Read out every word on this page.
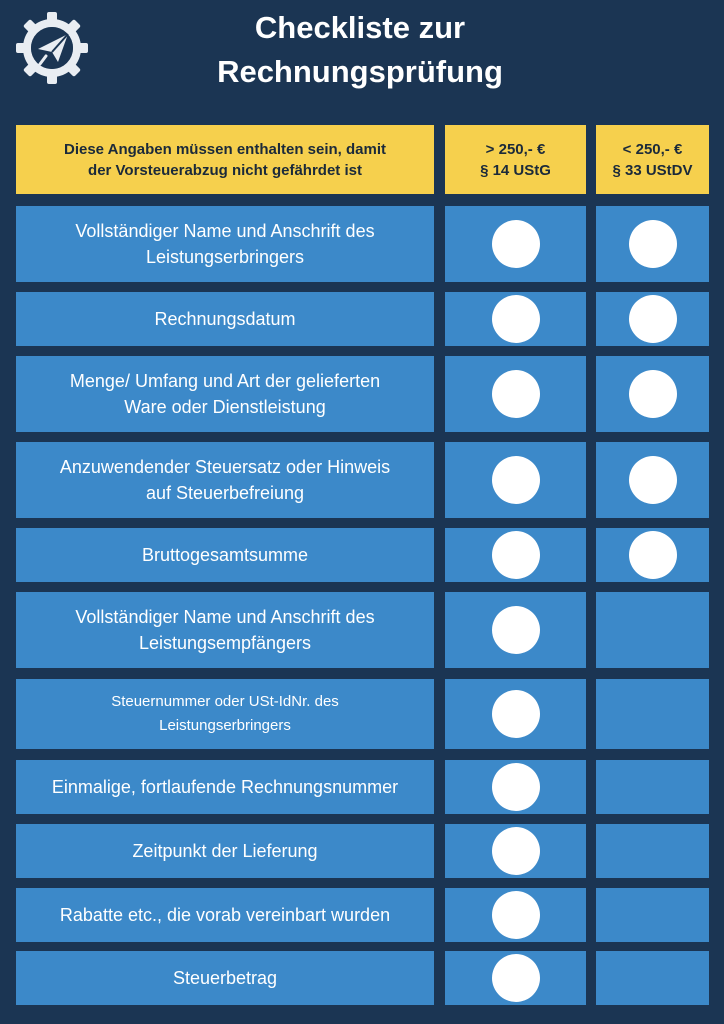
Checkliste zur
Rechnungsprüfung
Diese Angaben müssen enthalten sein, damit
der Vorsteuerabzug nicht gefährdet ist
> 250,- €
§ 14 UStG
< 250,- €
§ 33 UStDV
Vollständiger Name und Anschrift des
Leistungserbringers
Rechnungsdatum
Menge/ Umfang und Art der gelieferten
Ware oder Dienstleistung
Anzuwendender Steuersatz oder Hinweis
auf Steuerbefreiung
Bruttogesamtsumme
Vollständiger Name und Anschrift des
Leistungsempfängers
Steuernummer oder USt-IdNr. des
Leistungserbringers
Einmalige, fortlaufende Rechnungsnummer
Zeitpunkt der Lieferung
Rabatte etc., die vorab vereinbart wurden
Steuerbetrag
